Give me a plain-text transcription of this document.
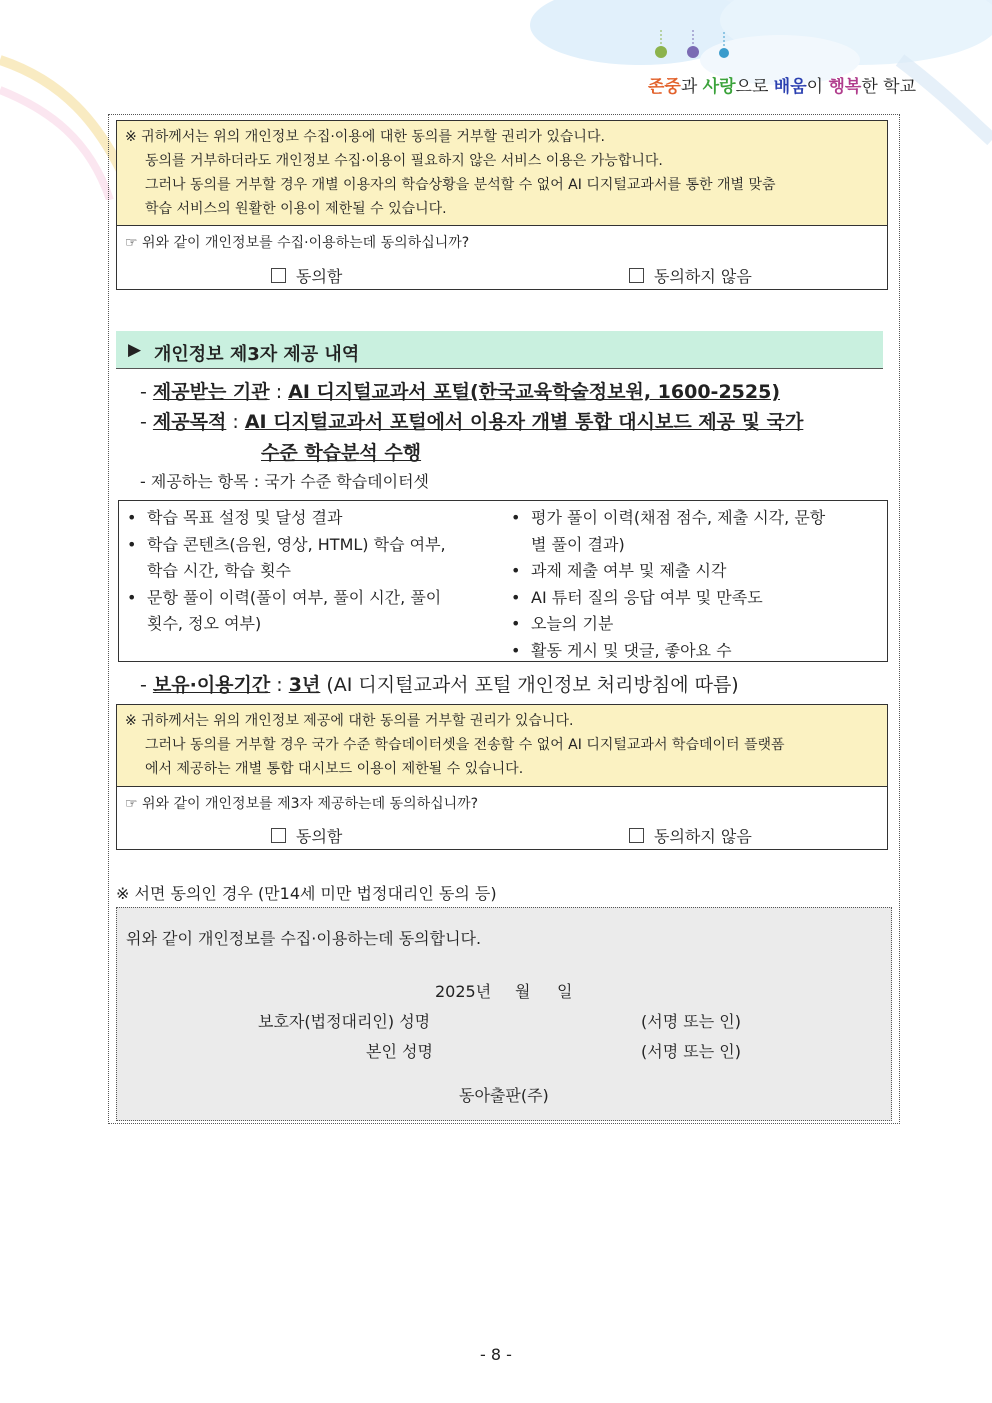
존중과 사랑으로 배움이 행복한 학교
※ 귀하께서는 위의 개인정보 수집·이용에 대한 동의를 거부할 권리가 있습니다.
동의를 거부하더라도 개인정보 수집·이용이 필요하지 않은 서비스 이용은 가능합니다.
그러나 동의를 거부할 경우 개별 이용자의 학습상황을 분석할 수 없어 AI 디지털교과서를 통한 개별 맞춤
학습 서비스의 원활한 이용이 제한될 수 있습니다.
☞ 위와 같이 개인정보를 수집·이용하는데 동의하십니까?
동의함	동의하지 않음
▶ 개인정보 제3자 제공 내역
- 제공받는 기관 : AI 디지털교과서 포털(한국교육학술정보원, 1600-2525)
- 제공목적 : AI 디지털교과서 포털에서 이용자 개별 통합 대시보드 제공 및 국가
수준 학습분석 수행
- 제공하는 항목 : 국가 수준 학습데이터셋
• 학습 목표 설정 및 달성 결과
• 학습 콘텐츠(음원, 영상, HTML) 학습 여부,
학습 시간, 학습 횟수
• 문항 풀이 이력(풀이 여부, 풀이 시간, 풀이
횟수, 정오 여부)
• 평가 풀이 이력(채점 점수, 제출 시각, 문항
별 풀이 결과)
• 과제 제출 여부 및 제출 시각
• AI 튜터 질의 응답 여부 및 만족도
• 오늘의 기분
• 활동 게시 및 댓글, 좋아요 수
- 보유·이용기간 : 3년 (AI 디지털교과서 포털 개인정보 처리방침에 따름)
※ 귀하께서는 위의 개인정보 제공에 대한 동의를 거부할 권리가 있습니다.
그러나 동의를 거부할 경우 국가 수준 학습데이터셋을 전송할 수 없어 AI 디지털교과서 학습데이터 플랫폼
에서 제공하는 개별 통합 대시보드 이용이 제한될 수 있습니다.
☞ 위와 같이 개인정보를 제3자 제공하는데 동의하십니까?
동의함	동의하지 않음
※ 서면 동의인 경우 (만14세 미만 법정대리인 동의 등)
위와 같이 개인정보를 수집·이용하는데 동의합니다.
2025년 월 일
보호자(법정대리인) 성명	(서명 또는 인)
본인 성명	(서명 또는 인)
동아출판(주)
- 8 -
